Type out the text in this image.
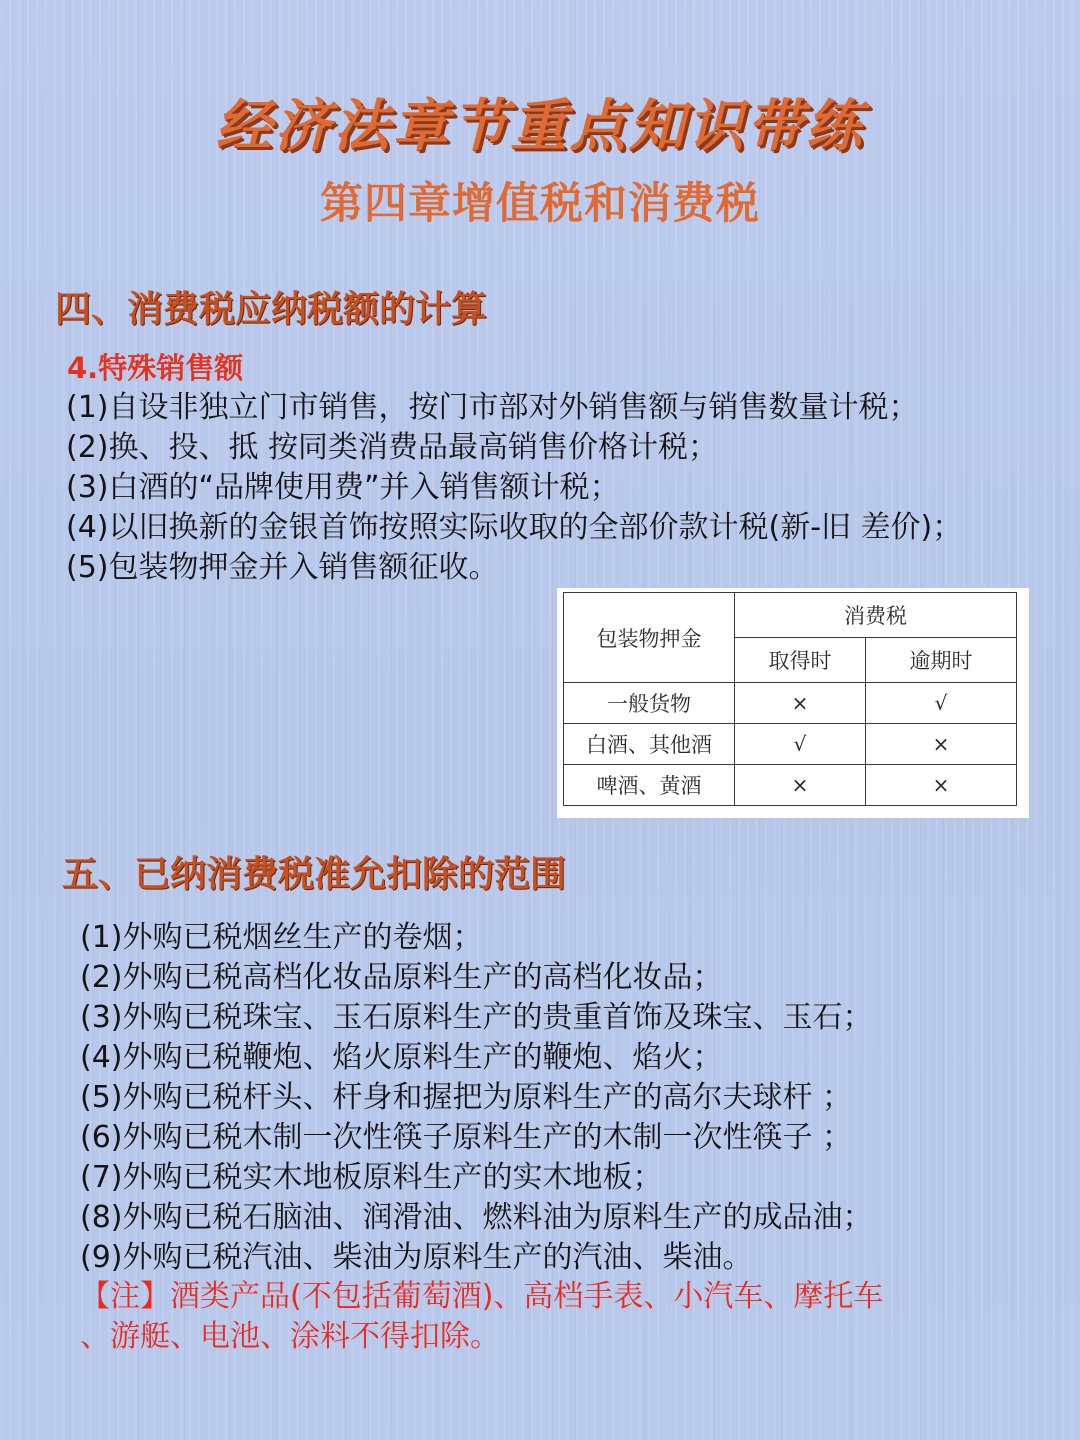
经济法章节重点知识带练
第四章增值税和消费税
四、消费税应纳税额的计算
4.特殊销售额
(1)自设非独立门市销售，按门市部对外销售额与销售数量计税；
(2)换、投、抵 按同类消费品最高销售价格计税；
(3)白酒的“品牌使用费”并入销售额计税；
(4)以旧换新的金银首饰按照实际收取的全部价款计税(新-旧 差价)；
(5)包装物押金并入销售额征收。
包装物押金	消费税	
	取得时	逾期时
一般货物	×	√
白酒、其他酒	√	×
啤酒、黄酒	×	×
五、已纳消费税准允扣除的范围
(1)外购已税烟丝生产的卷烟；
(2)外购已税高档化妆品原料生产的高档化妆品；
(3)外购已税珠宝、玉石原料生产的贵重首饰及珠宝、玉石；
(4)外购已税鞭炮、焰火原料生产的鞭炮、焰火；
(5)外购已税杆头、杆身和握把为原料生产的高尔夫球杆 ；
(6)外购已税木制一次性筷子原料生产的木制一次性筷子 ；
(7)外购已税实木地板原料生产的实木地板；
(8)外购已税石脑油、润滑油、燃料油为原料生产的成品油；
(9)外购已税汽油、柴油为原料生产的汽油、柴油。
【注】酒类产品(不包括葡萄酒)、高档手表、小汽车、摩托车
、游艇、电池、涂料不得扣除。
